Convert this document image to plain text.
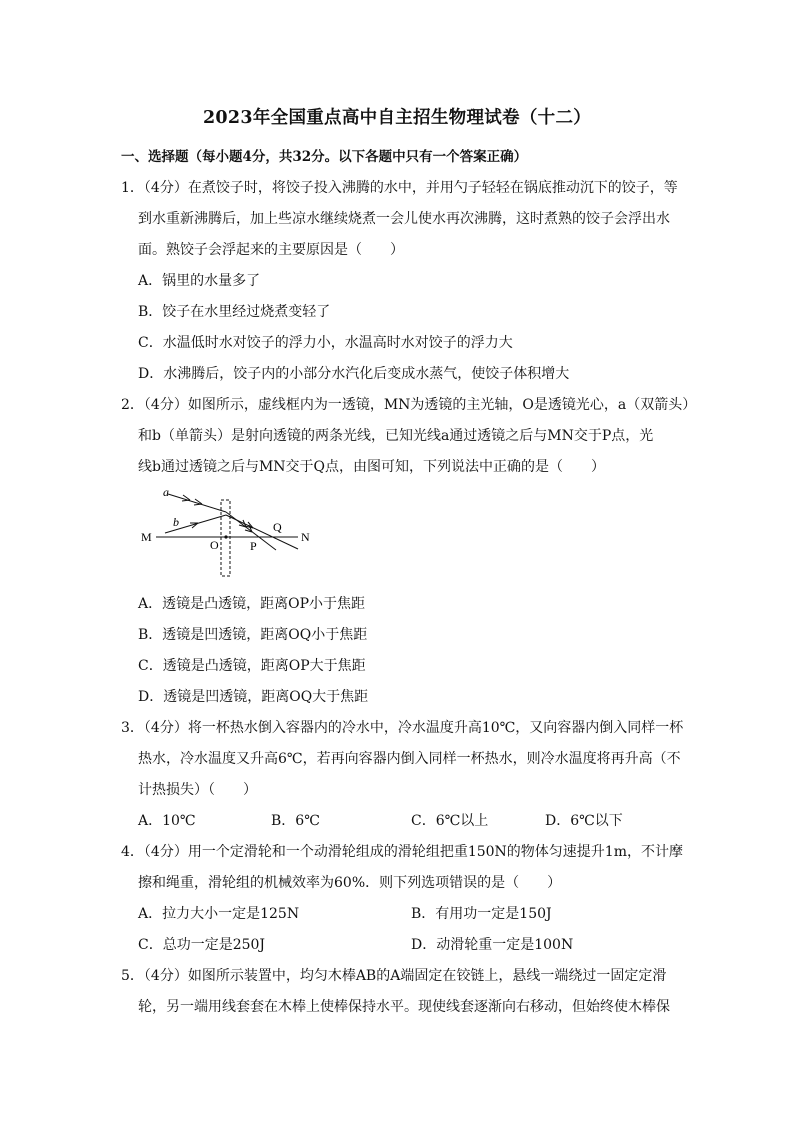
2023年全国重点高中自主招生物理试卷（十二）
一、选择题（每小题4分，共32分。以下各题中只有一个答案正确）
1．（4分）在煮饺子时，将饺子投入沸腾的水中，并用勺子轻轻在锅底推动沉下的饺子，等
到水重新沸腾后，加上些凉水继续烧煮一会儿使水再次沸腾，这时煮熟的饺子会浮出水
面。熟饺子会浮起来的主要原因是（　　）
A．锅里的水量多了
B．饺子在水里经过烧煮变轻了
C．水温低时水对饺子的浮力小，水温高时水对饺子的浮力大
D．水沸腾后，饺子内的小部分水汽化后变成水蒸气，使饺子体积增大
2．（4分）如图所示，虚线框内为一透镜，MN为透镜的主光轴，O是透镜光心，a（双箭头）
和b（单箭头）是射向透镜的两条光线，已知光线a通过透镜之后与MN交于P点，光
线b通过透镜之后与MN交于Q点，由图可知，下列说法中正确的是（　　）
a
b
M	N
O	P
Q
A．透镜是凸透镜，距离OP小于焦距
B．透镜是凹透镜，距离OQ小于焦距
C．透镜是凸透镜，距离OP大于焦距
D．透镜是凹透镜，距离OQ大于焦距
3．（4分）将一杯热水倒入容器内的冷水中，冷水温度升高10℃，又向容器内倒入同样一杯
热水，冷水温度又升高6℃，若再向容器内倒入同样一杯热水，则冷水温度将再升高（不
计热损失）（　　）
A．10℃	B．6℃	C．6℃以上	D．6℃以下
4．（4分）用一个定滑轮和一个动滑轮组成的滑轮组把重150N的物体匀速提升1m，不计摩
擦和绳重，滑轮组的机械效率为60%．则下列选项错误的是（　　）
A．拉力大小一定是125N	B．有用功一定是150J
C．总功一定是250J	D．动滑轮重一定是100N
5．（4分）如图所示装置中，均匀木棒AB的A端固定在铰链上，悬线一端绕过一固定定滑
轮，另一端用线套套在木棒上使棒保持水平。现使线套逐渐向右移动，但始终使木棒保
